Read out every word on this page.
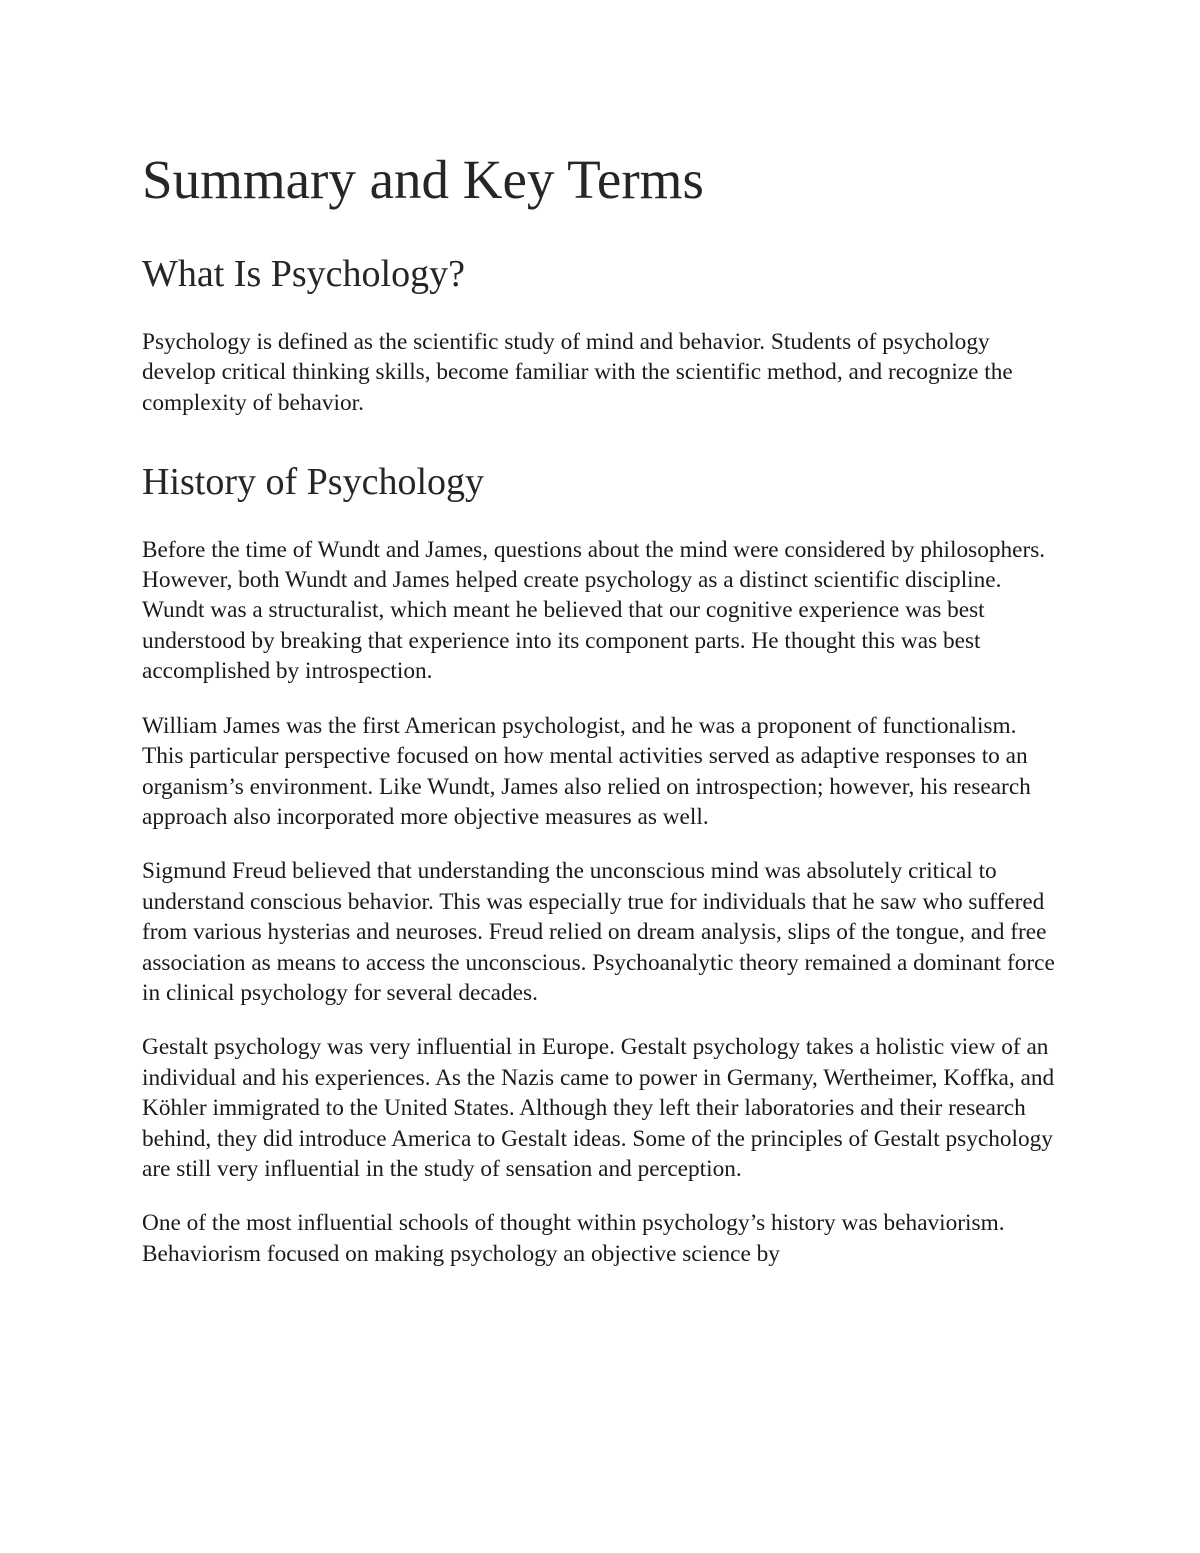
Summary and Key Terms
What Is Psychology?

Psychology is defined as the scientific study of mind and behavior. Students of psychology develop critical thinking skills, become familiar with the scientific method, and recognize the complexity of behavior.

History of Psychology

Before the time of Wundt and James, questions about the mind were considered by philosophers. However, both Wundt and James helped create psychology as a distinct scientific discipline. Wundt was a structuralist, which meant he believed that our cognitive experience was best understood by breaking that experience into its component parts. He thought this was best accomplished by introspection.

William James was the first American psychologist, and he was a proponent of functionalism. This particular perspective focused on how mental activities served as adaptive responses to an organism’s environment. Like Wundt, James also relied on introspection; however, his research approach also incorporated more objective measures as well.

Sigmund Freud believed that understanding the unconscious mind was absolutely critical to understand conscious behavior. This was especially true for individuals that he saw who suffered from various hysterias and neuroses. Freud relied on dream analysis, slips of the tongue, and free association as means to access the unconscious. Psychoanalytic theory remained a dominant force in clinical psychology for several decades.

Gestalt psychology was very influential in Europe. Gestalt psychology takes a holistic view of an individual and his experiences. As the Nazis came to power in Germany, Wertheimer, Koffka, and Köhler immigrated to the United States. Although they left their laboratories and their research behind, they did introduce America to Gestalt ideas. Some of the principles of Gestalt psychology are still very influential in the study of sensation and perception.

One of the most influential schools of thought within psychology’s history was behaviorism. Behaviorism focused on making psychology an objective science by
